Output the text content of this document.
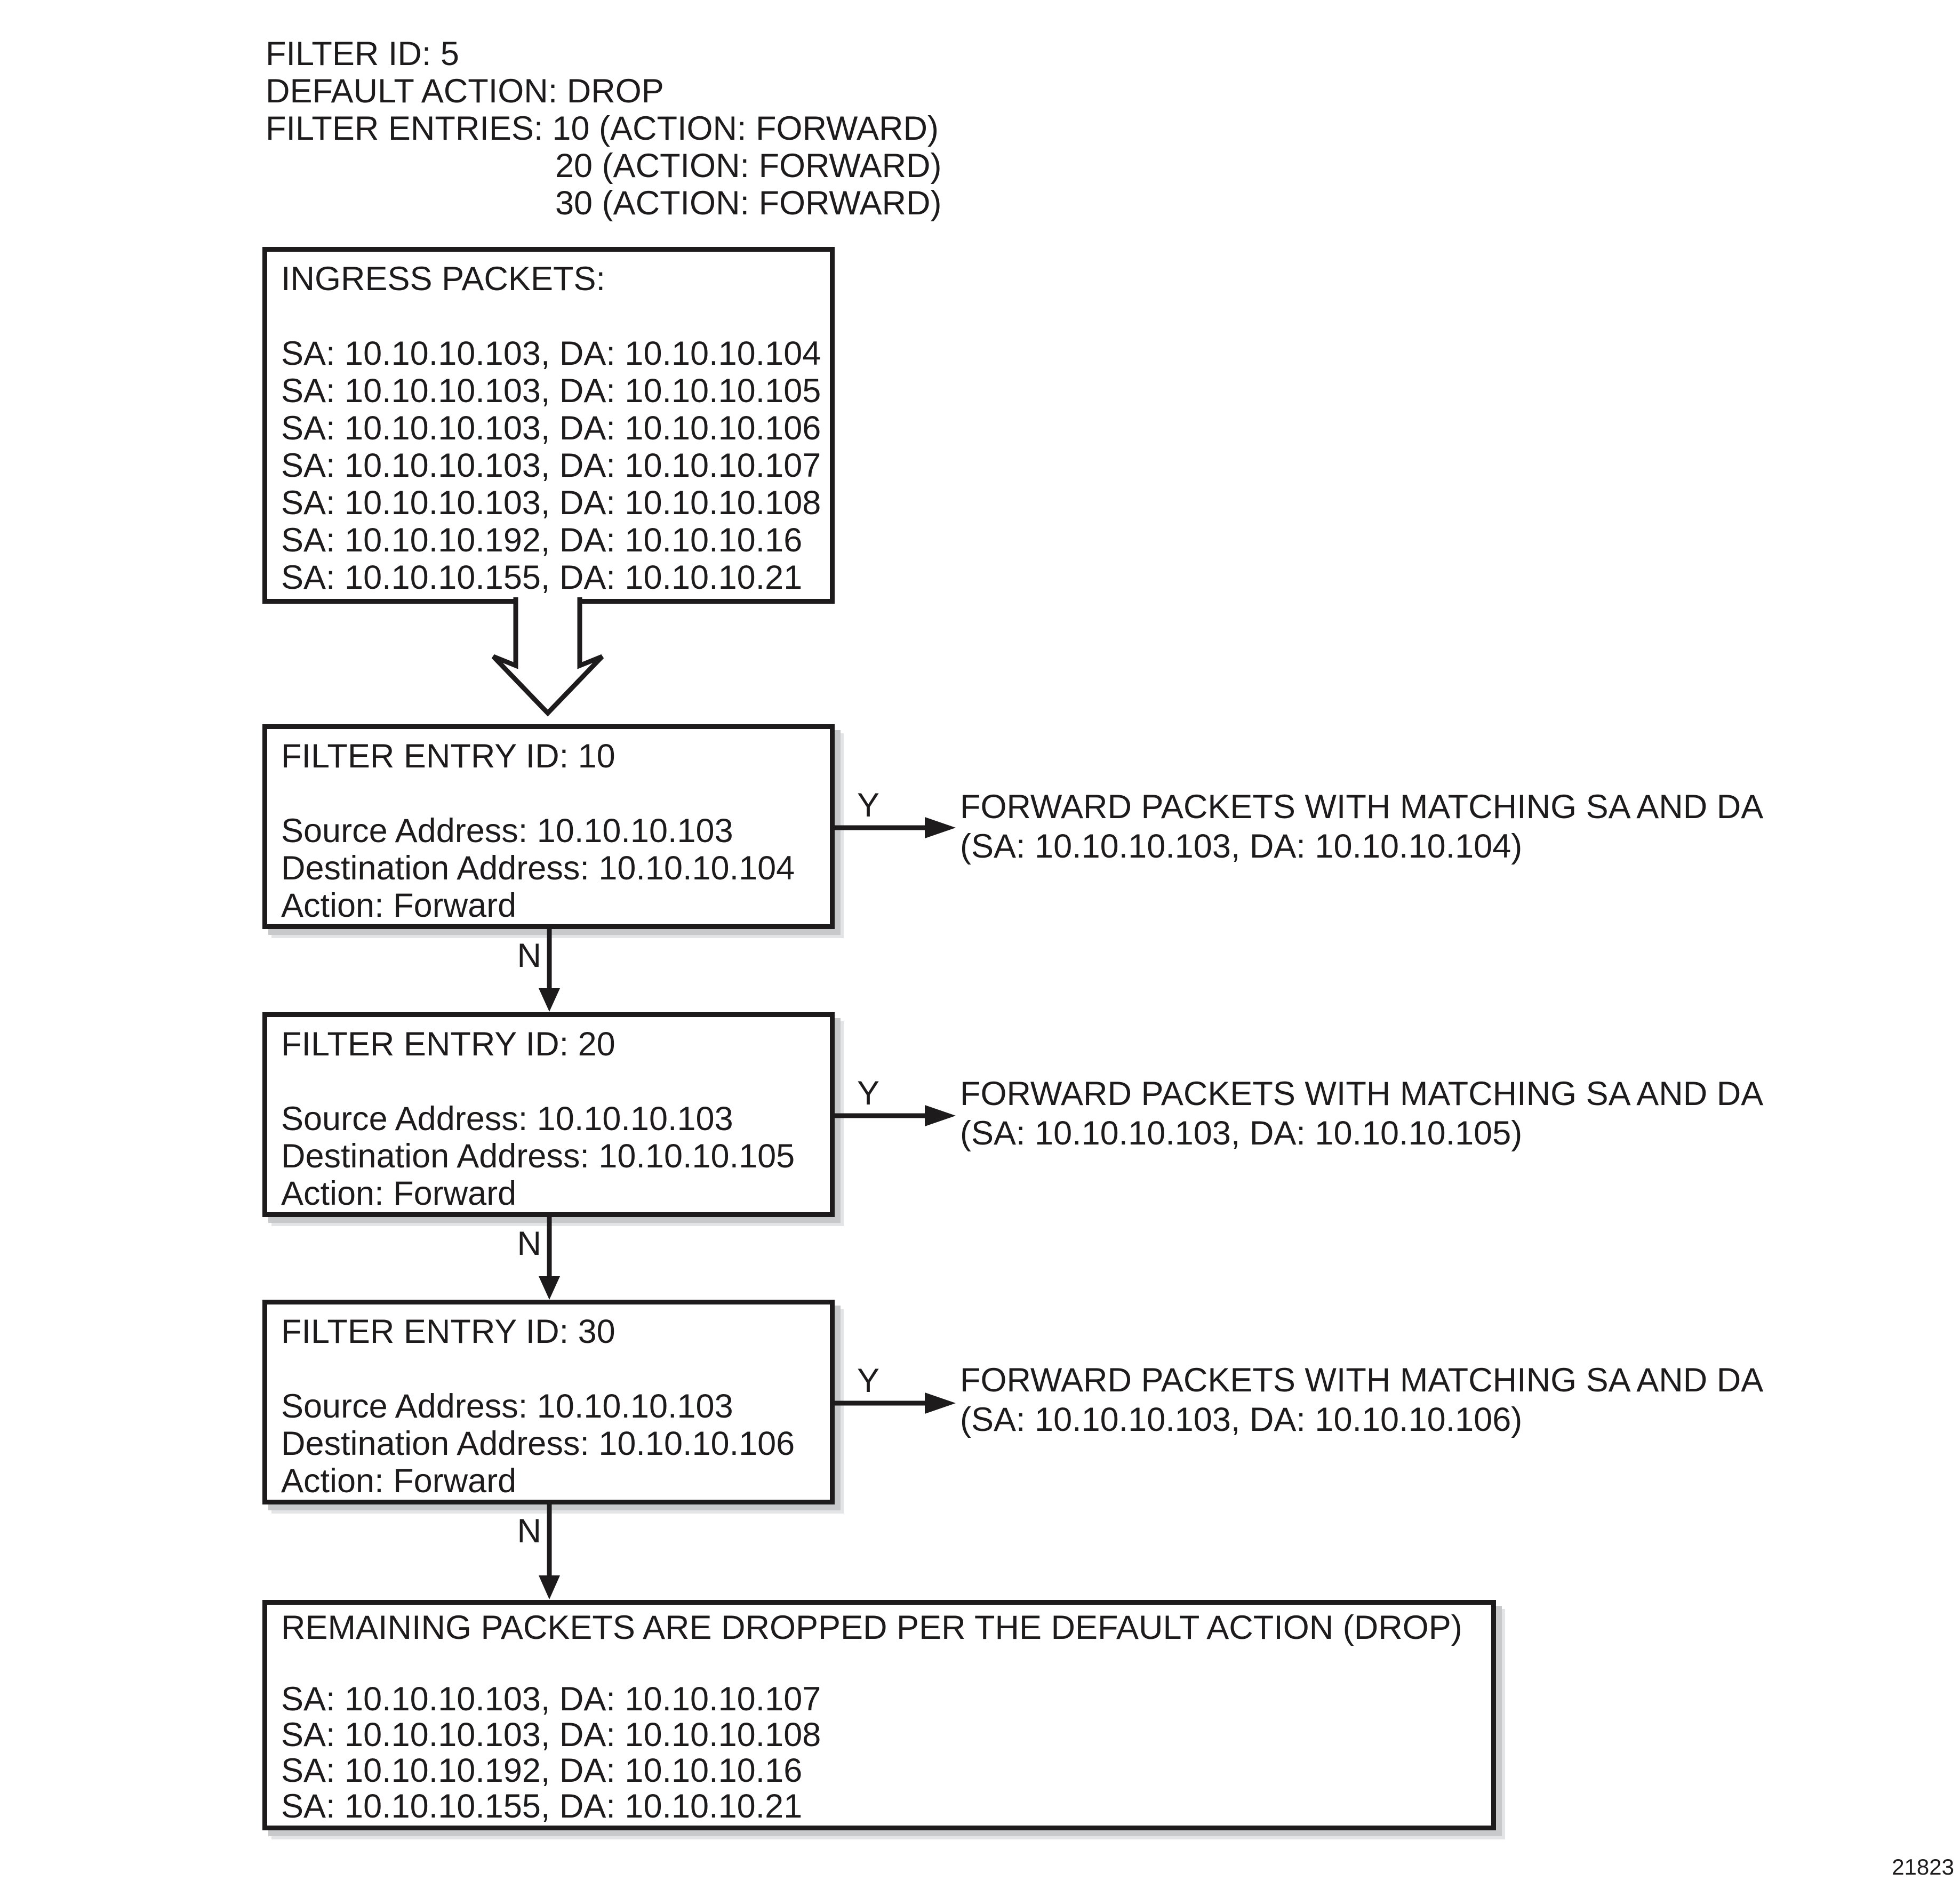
FILTER ID: 5
DEFAULT ACTION: DROP
FILTER ENTRIES: 10 (ACTION: FORWARD)
20 (ACTION: FORWARD)
30 (ACTION: FORWARD)
INGRESS PACKETS:
SA: 10.10.10.103, DA: 10.10.10.104
SA: 10.10.10.103, DA: 10.10.10.105
SA: 10.10.10.103, DA: 10.10.10.106
SA: 10.10.10.103, DA: 10.10.10.107
SA: 10.10.10.103, DA: 10.10.10.108
SA: 10.10.10.192, DA: 10.10.10.16
SA: 10.10.10.155, DA: 10.10.10.21
FILTER ENTRY ID: 10
Source Address: 10.10.10.103
Destination Address: 10.10.10.104
Action: Forward
FILTER ENTRY ID: 20
Source Address: 10.10.10.103
Destination Address: 10.10.10.105
Action: Forward
FILTER ENTRY ID: 30
Source Address: 10.10.10.103
Destination Address: 10.10.10.106
Action: Forward
REMAINING PACKETS ARE DROPPED PER THE DEFAULT ACTION (DROP)
SA: 10.10.10.103, DA: 10.10.10.107
SA: 10.10.10.103, DA: 10.10.10.108
SA: 10.10.10.192, DA: 10.10.10.16
SA: 10.10.10.155, DA: 10.10.10.21
Y
Y
Y
N
N
N
FORWARD PACKETS WITH MATCHING SA AND DA
(SA: 10.10.10.103, DA: 10.10.10.104)
FORWARD PACKETS WITH MATCHING SA AND DA
(SA: 10.10.10.103, DA: 10.10.10.105)
FORWARD PACKETS WITH MATCHING SA AND DA
(SA: 10.10.10.103, DA: 10.10.10.106)
21823
